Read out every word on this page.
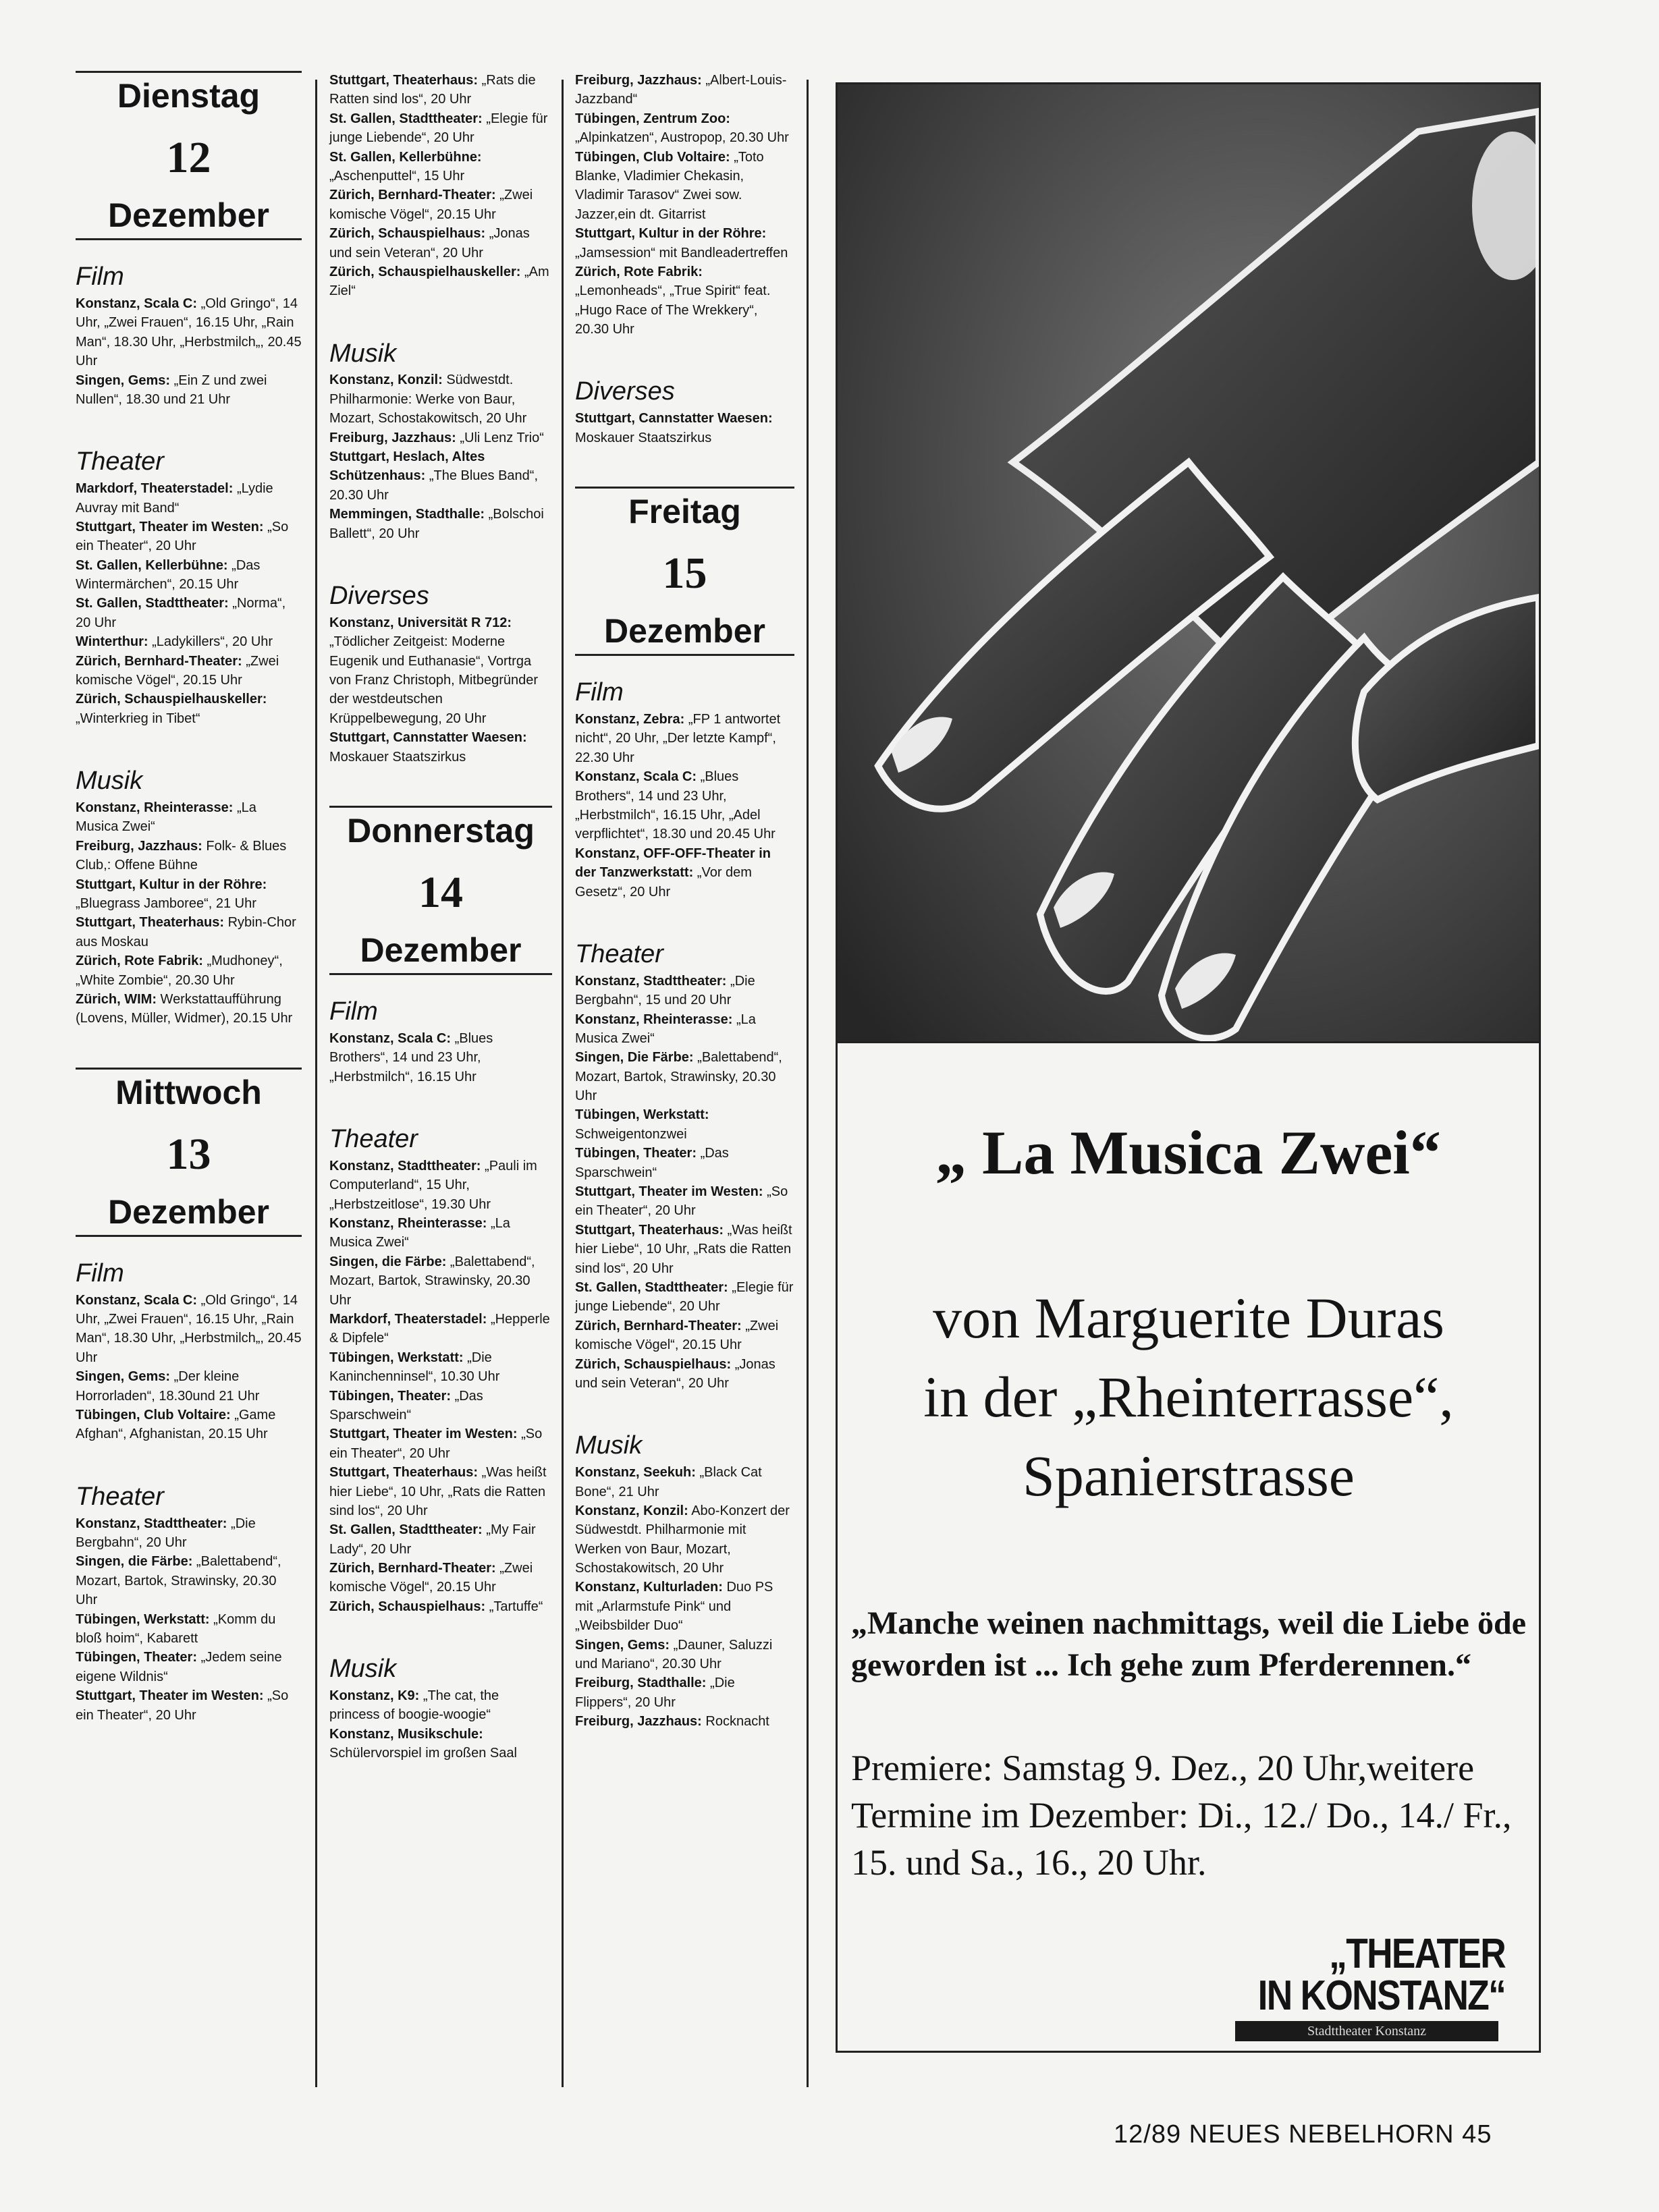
Dienstag
12
Dezember
Film
Konstanz, Scala C: „Old Gringo“, 14 Uhr, „Zwei Frauen“, 16.15 Uhr, „Rain Man“, 18.30 Uhr, „Herbstmilch„, 20.45 Uhr
Singen, Gems: „Ein Z und zwei Nullen“, 18.30 und 21 Uhr
Theater
Markdorf, Theaterstadel: „Lydie Auvray mit Band“
Stuttgart, Theater im Westen: „So ein Theater“, 20 Uhr
St. Gallen, Kellerbühne: „Das Wintermärchen“, 20.15 Uhr
St. Gallen, Stadttheater: „Norma“, 20 Uhr
Winterthur: „Ladykillers“, 20 Uhr
Zürich, Bernhard-Theater: „Zwei komische Vögel“, 20.15 Uhr
Zürich, Schauspielhauskeller: „Winterkrieg in Tibet“
Musik
Konstanz, Rheinterasse: „La Musica Zwei“
Freiburg, Jazzhaus: Folk- & Blues Club,: Offene Bühne
Stuttgart, Kultur in der Röhre: „Bluegrass Jamboree“, 21 Uhr
Stuttgart, Theaterhaus: Rybin-Chor aus Moskau
Zürich, Rote Fabrik: „Mudhoney“, „White Zombie“, 20.30 Uhr
Zürich, WIM: Werkstattaufführung (Lovens, Müller, Widmer), 20.15 Uhr
Mittwoch
13
Dezember
Film
Konstanz, Scala C: „Old Gringo“, 14 Uhr, „Zwei Frauen“, 16.15 Uhr, „Rain Man“, 18.30 Uhr, „Herbstmilch„, 20.45 Uhr
Singen, Gems: „Der kleine Horrorladen“, 18.30und 21 Uhr
Tübingen, Club Voltaire: „Game Afghan“, Afghanistan, 20.15 Uhr
Theater
Konstanz, Stadttheater: „Die Bergbahn“, 20 Uhr
Singen, die Färbe: „Balettabend“, Mozart, Bartok, Strawinsky, 20.30 Uhr
Tübingen, Werkstatt: „Komm du bloß hoim“, Kabarett
Tübingen, Theater: „Jedem seine eigene Wildnis“
Stuttgart, Theater im Westen: „So ein Theater“, 20 Uhr
Stuttgart, Theaterhaus: „Rats die Ratten sind los“, 20 Uhr
St. Gallen, Stadttheater: „Elegie für junge Liebende“, 20 Uhr
St. Gallen, Kellerbühne: „Aschenputtel“, 15 Uhr
Zürich, Bernhard-Theater: „Zwei komische Vögel“, 20.15 Uhr
Zürich, Schauspielhaus: „Jonas und sein Veteran“, 20 Uhr
Zürich, Schauspielhauskeller: „Am Ziel“
Musik
Konstanz, Konzil: Südwestdt. Philharmonie: Werke von Baur, Mozart, Schostakowitsch, 20 Uhr
Freiburg, Jazzhaus: „Uli Lenz Trio“
Stuttgart, Heslach, Altes Schützenhaus: „The Blues Band“, 20.30 Uhr
Memmingen, Stadthalle: „Bolschoi Ballett“, 20 Uhr
Diverses
Konstanz, Universität R 712: „Tödlicher Zeitgeist: Moderne Eugenik und Euthanasie“, Vortrga von Franz Christoph, Mitbegründer der westdeutschen Krüppelbewegung, 20 Uhr
Stuttgart, Cannstatter Waesen: Moskauer Staatszirkus
Donnerstag
14
Dezember
Film
Konstanz, Scala C: „Blues Brothers“, 14 und 23 Uhr, „Herbstmilch“, 16.15 Uhr
Theater
Konstanz, Stadttheater: „Pauli im Computerland“, 15 Uhr, „Herbstzeitlose“, 19.30 Uhr
Konstanz, Rheinterasse: „La Musica Zwei“
Singen, die Färbe: „Balettabend“, Mozart, Bartok, Strawinsky, 20.30 Uhr
Markdorf, Theaterstadel: „Hepperle & Dipfele“
Tübingen, Werkstatt: „Die Kaninchenninsel“, 10.30 Uhr
Tübingen, Theater: „Das Sparschwein“
Stuttgart, Theater im Westen: „So ein Theater“, 20 Uhr
Stuttgart, Theaterhaus: „Was heißt hier Liebe“, 10 Uhr, „Rats die Ratten sind los“, 20 Uhr
St. Gallen, Stadttheater: „My Fair Lady“, 20 Uhr
Zürich, Bernhard-Theater: „Zwei komische Vögel“, 20.15 Uhr
Zürich, Schauspielhaus: „Tartuffe“
Musik
Konstanz, K9: „The cat, the princess of boogie-woogie“
Konstanz, Musikschule: Schülervorspiel im großen Saal
Freiburg, Jazzhaus: „Albert-Louis-Jazzband“
Tübingen, Zentrum Zoo: „Alpinkatzen“, Austropop, 20.30 Uhr
Tübingen, Club Voltaire: „Toto Blanke, Vladimier Chekasin, Vladimir Tarasov“ Zwei sow. Jazzer,ein dt. Gitarrist
Stuttgart, Kultur in der Röhre: „Jamsession“ mit Bandleadertreffen
Zürich, Rote Fabrik: „Lemonheads“, „True Spirit“ feat. „Hugo Race of The Wrekkery“, 20.30 Uhr
Diverses
Stuttgart, Cannstatter Waesen: Moskauer Staatszirkus
Freitag
15
Dezember
Film
Konstanz, Zebra: „FP 1 antwortet nicht“, 20 Uhr, „Der letzte Kampf“, 22.30 Uhr
Konstanz, Scala C: „Blues Brothers“, 14 und 23 Uhr, „Herbstmilch“, 16.15 Uhr, „Adel verpflichtet“, 18.30 und 20.45 Uhr
Konstanz, OFF-OFF-Theater in der Tanzwerkstatt: „Vor dem Gesetz“, 20 Uhr
Theater
Konstanz, Stadttheater: „Die Bergbahn“, 15 und 20 Uhr
Konstanz, Rheinterasse: „La Musica Zwei“
Singen, Die Färbe: „Balettabend“, Mozart, Bartok, Strawinsky, 20.30 Uhr
Tübingen, Werkstatt: Schweigentonzwei
Tübingen, Theater: „Das Sparschwein“
Stuttgart, Theater im Westen: „So ein Theater“, 20 Uhr
Stuttgart, Theaterhaus: „Was heißt hier Liebe“, 10 Uhr, „Rats die Ratten sind los“, 20 Uhr
St. Gallen, Stadttheater: „Elegie für junge Liebende“, 20 Uhr
Zürich, Bernhard-Theater: „Zwei komische Vögel“, 20.15 Uhr
Zürich, Schauspielhaus: „Jonas und sein Veteran“, 20 Uhr
Musik
Konstanz, Seekuh: „Black Cat Bone“, 21 Uhr
Konstanz, Konzil: Abo-Konzert der Südwestdt. Philharmonie mit Werken von Baur, Mozart, Schostakowitsch, 20 Uhr
Konstanz, Kulturladen: Duo PS mit „Arlarmstufe Pink“ und „Weibsbilder Duo“
Singen, Gems: „Dauner, Saluzzi und Mariano“, 20.30 Uhr
Freiburg, Stadthalle: „Die Flippers“, 20 Uhr
Freiburg, Jazzhaus: Rocknacht
„ La Musica Zwei“
von Marguerite Duras
in der „Rheinterrasse“,
Spanierstrasse
„Manche weinen nachmittags, weil die Liebe öde geworden ist ... Ich gehe zum Pferderennen.“
Premiere: Samstag 9. Dez., 20 Uhr,weitere Termine im Dezember: Di., 12./ Do., 14./ Fr., 15. und Sa., 16., 20 Uhr.
„THEATER
IN KONSTANZ“
Stadttheater Konstanz
12/89 NEUES NEBELHORN 45
